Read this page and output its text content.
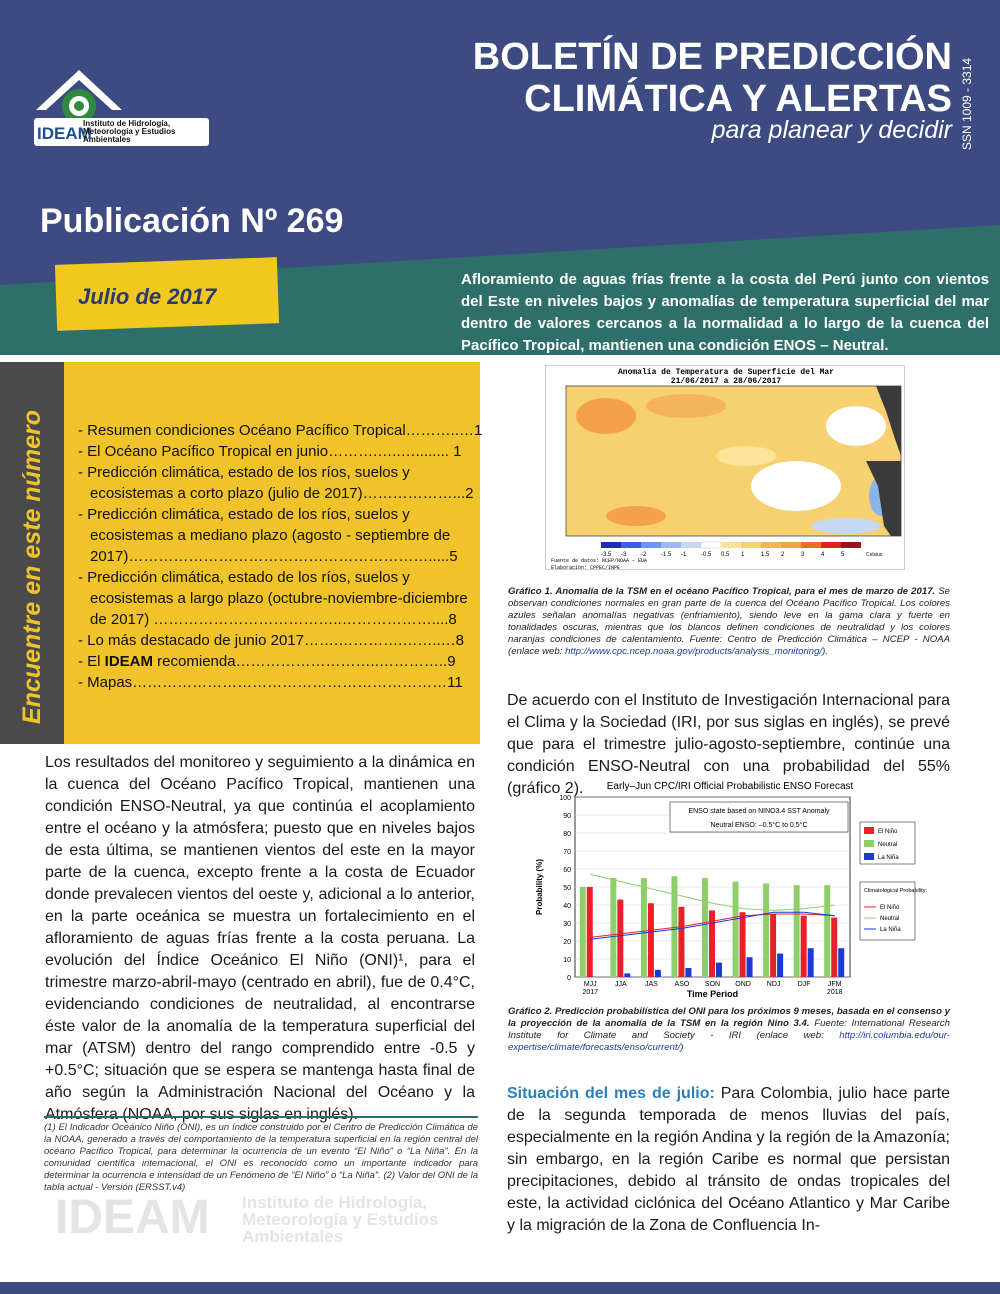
IDEAM
Instituto de Hidrología, Meteorología y Estudios Ambientales
BOLETÍN DE PREDICCIÓN
CLIMÁTICA Y ALERTAS
para planear y decidir SSN 1009 - 3314
Publicación Nº 269
Julio de 2017
Afloramiento de aguas frías frente a la costa del Perú junto con vientos del Este en niveles bajos y anomalías de temperatura superficial del mar dentro de valores cercanos a la normalidad a lo largo de la cuenca del Pacífico Tropical, mantienen una condición ENOS – Neutral.
Encuentre en este número - Resumen condiciones Océano Pacífico Tropical………..…1
- El Océano Pacífico Tropical en junio……….…..…........ 1
- Predicción climática, estado de los ríos, suelos y
ecosistemas a corto plazo (julio de 2017)………………...2
- Predicción climática, estado de los ríos, suelos y
ecosistemas a mediano plazo (agosto - septiembre de
2017)…………………………………………………….....5
- Predicción climática, estado de los ríos, suelos y
ecosistemas a largo plazo (octubre-noviembre-diciembre
de 2017) ………………………………..………………....8
- Lo más destacado de junio 2017…….………….……..…8
- El IDEAM recomienda………………………..…………..9
- Mapas………………………………………………………11
Los resultados del monitoreo y seguimiento a la dinámica en la cuenca del Océano Pacífico Tropical, mantienen una condición ENSO-Neutral, ya que continúa el acoplamiento entre el océano y la atmósfera; puesto que en niveles bajos de esta última, se mantienen vientos del este en la mayor parte de la cuenca, excepto frente a la costa de Ecuador donde prevalecen vientos del oeste y, adicional a lo anterior, en la parte oceánica se muestra un fortalecimiento en el afloramiento de aguas frías frente a la costa peruana. La evolución del Índice Oceánico El Niño (ONI)¹, para el trimestre marzo-abril-mayo (centrado en abril), fue de 0.4°C, evidenciando condiciones de neutralidad, al encontrarse éste valor de la anomalía de la temperatura superficial del mar (ATSM) dentro del rango comprendido entre -0.5 y +0.5°C; situación que se espera se mantenga hasta final de año según la Administración Nacional del Océano y la Atmósfera (NOAA, por sus siglas en inglés).
(1) El Indicador Oceánico Niño (ONI), es un índice construido por el Centro de Predicción Climática de la NOAA, generado a través del comportamiento de la temperatura superficial en la región central del océano Pacífico Tropical, para determinar la ocurrencia de un evento “El Niño” o “La Niña”. En la comunidad científica internacional, el ONI es reconocido como un importante indicador para determinar la ocurrencia e intensidad de un Fenómeno de “El Niño” o “La Niña”. (2) Valor del ONI de la tabla actual - Versión (ERSST.v4)
IDEAM Instituto de Hidrología, Meteorología y Estudios Ambientales
Anomalía de Temperatura de Superficie del Mar
21/06/2017 a 28/06/2017
-3.5 -3 -2 -1.5 -1 -0.5 0.5 1	1.5 2	3	4	5	Celsius
Fuente de datos: NCEP/NOAA – EUA
Elaboración: CPPEC/INPE
Gráfico 1. Anomalía de la TSM en el océano Pacífico Tropical, para el mes de marzo de 2017. Se observan condiciones normales en gran parte de la cuenca del Océano Pacífico Tropical. Los colores azules señalan anomalías negativas (enfriamiento), siendo leve en la gama clara y fuerte en tonalidades oscuras, mientras que los blancos definen condiciones de neutralidad y los colores naranjas condiciones de calentamiento. Fuente: Centro de Predicción Climática – NCEP - NOAA (enlace web: http://www.cpc.ncep.noaa.gov/products/analysis_monitoring/).
De acuerdo con el Instituto de Investigación Internacional para el Clima y la Sociedad (IRI, por sus siglas en inglés), se prevé que para el trimestre julio-agosto-septiembre, continúe una condición ENSO-Neutral con una probabilidad del 55% (gráfico 2).	Early–Jun CPC/IRI Official Probabilistic ENSO Forecast
0
10
20
30
40
50
60
70
80
90
100
Probability (%)
Time Period
ENSO state based on NINO3.4 SST Anomaly
Neutral ENSO: –0.5°C to 0.5°C
MJJ	JJA	JAS ASO SON OND NDJ DJF JFM
2017	2018
El Niño
Neutral
La Niña
Climatological Probability:
El Niño
Neutral
La Niña
Gráfico 2. Predicción probabilística del ONI para los próximos 9 meses, basada en el consenso y la proyección de la anomalía de la TSM en la región Nino 3.4. Fuente: International Research Institute for Climate and Society - IRI (enlace web: http://iri.columbia.edu/our-expertise/climate/forecasts/enso/current/)
Situación del mes de julio: Para Colombia, julio hace parte de la segunda temporada de menos lluvias del país, especialmente en la región Andina y la región de la Amazonía; sin embargo, en la región Caribe es normal que persistan precipitaciones, debido al tránsito de ondas tropicales del este, la actividad ciclónica del Océano Atlantico y Mar Caribe y la migración de la Zona de Confluencia In-
